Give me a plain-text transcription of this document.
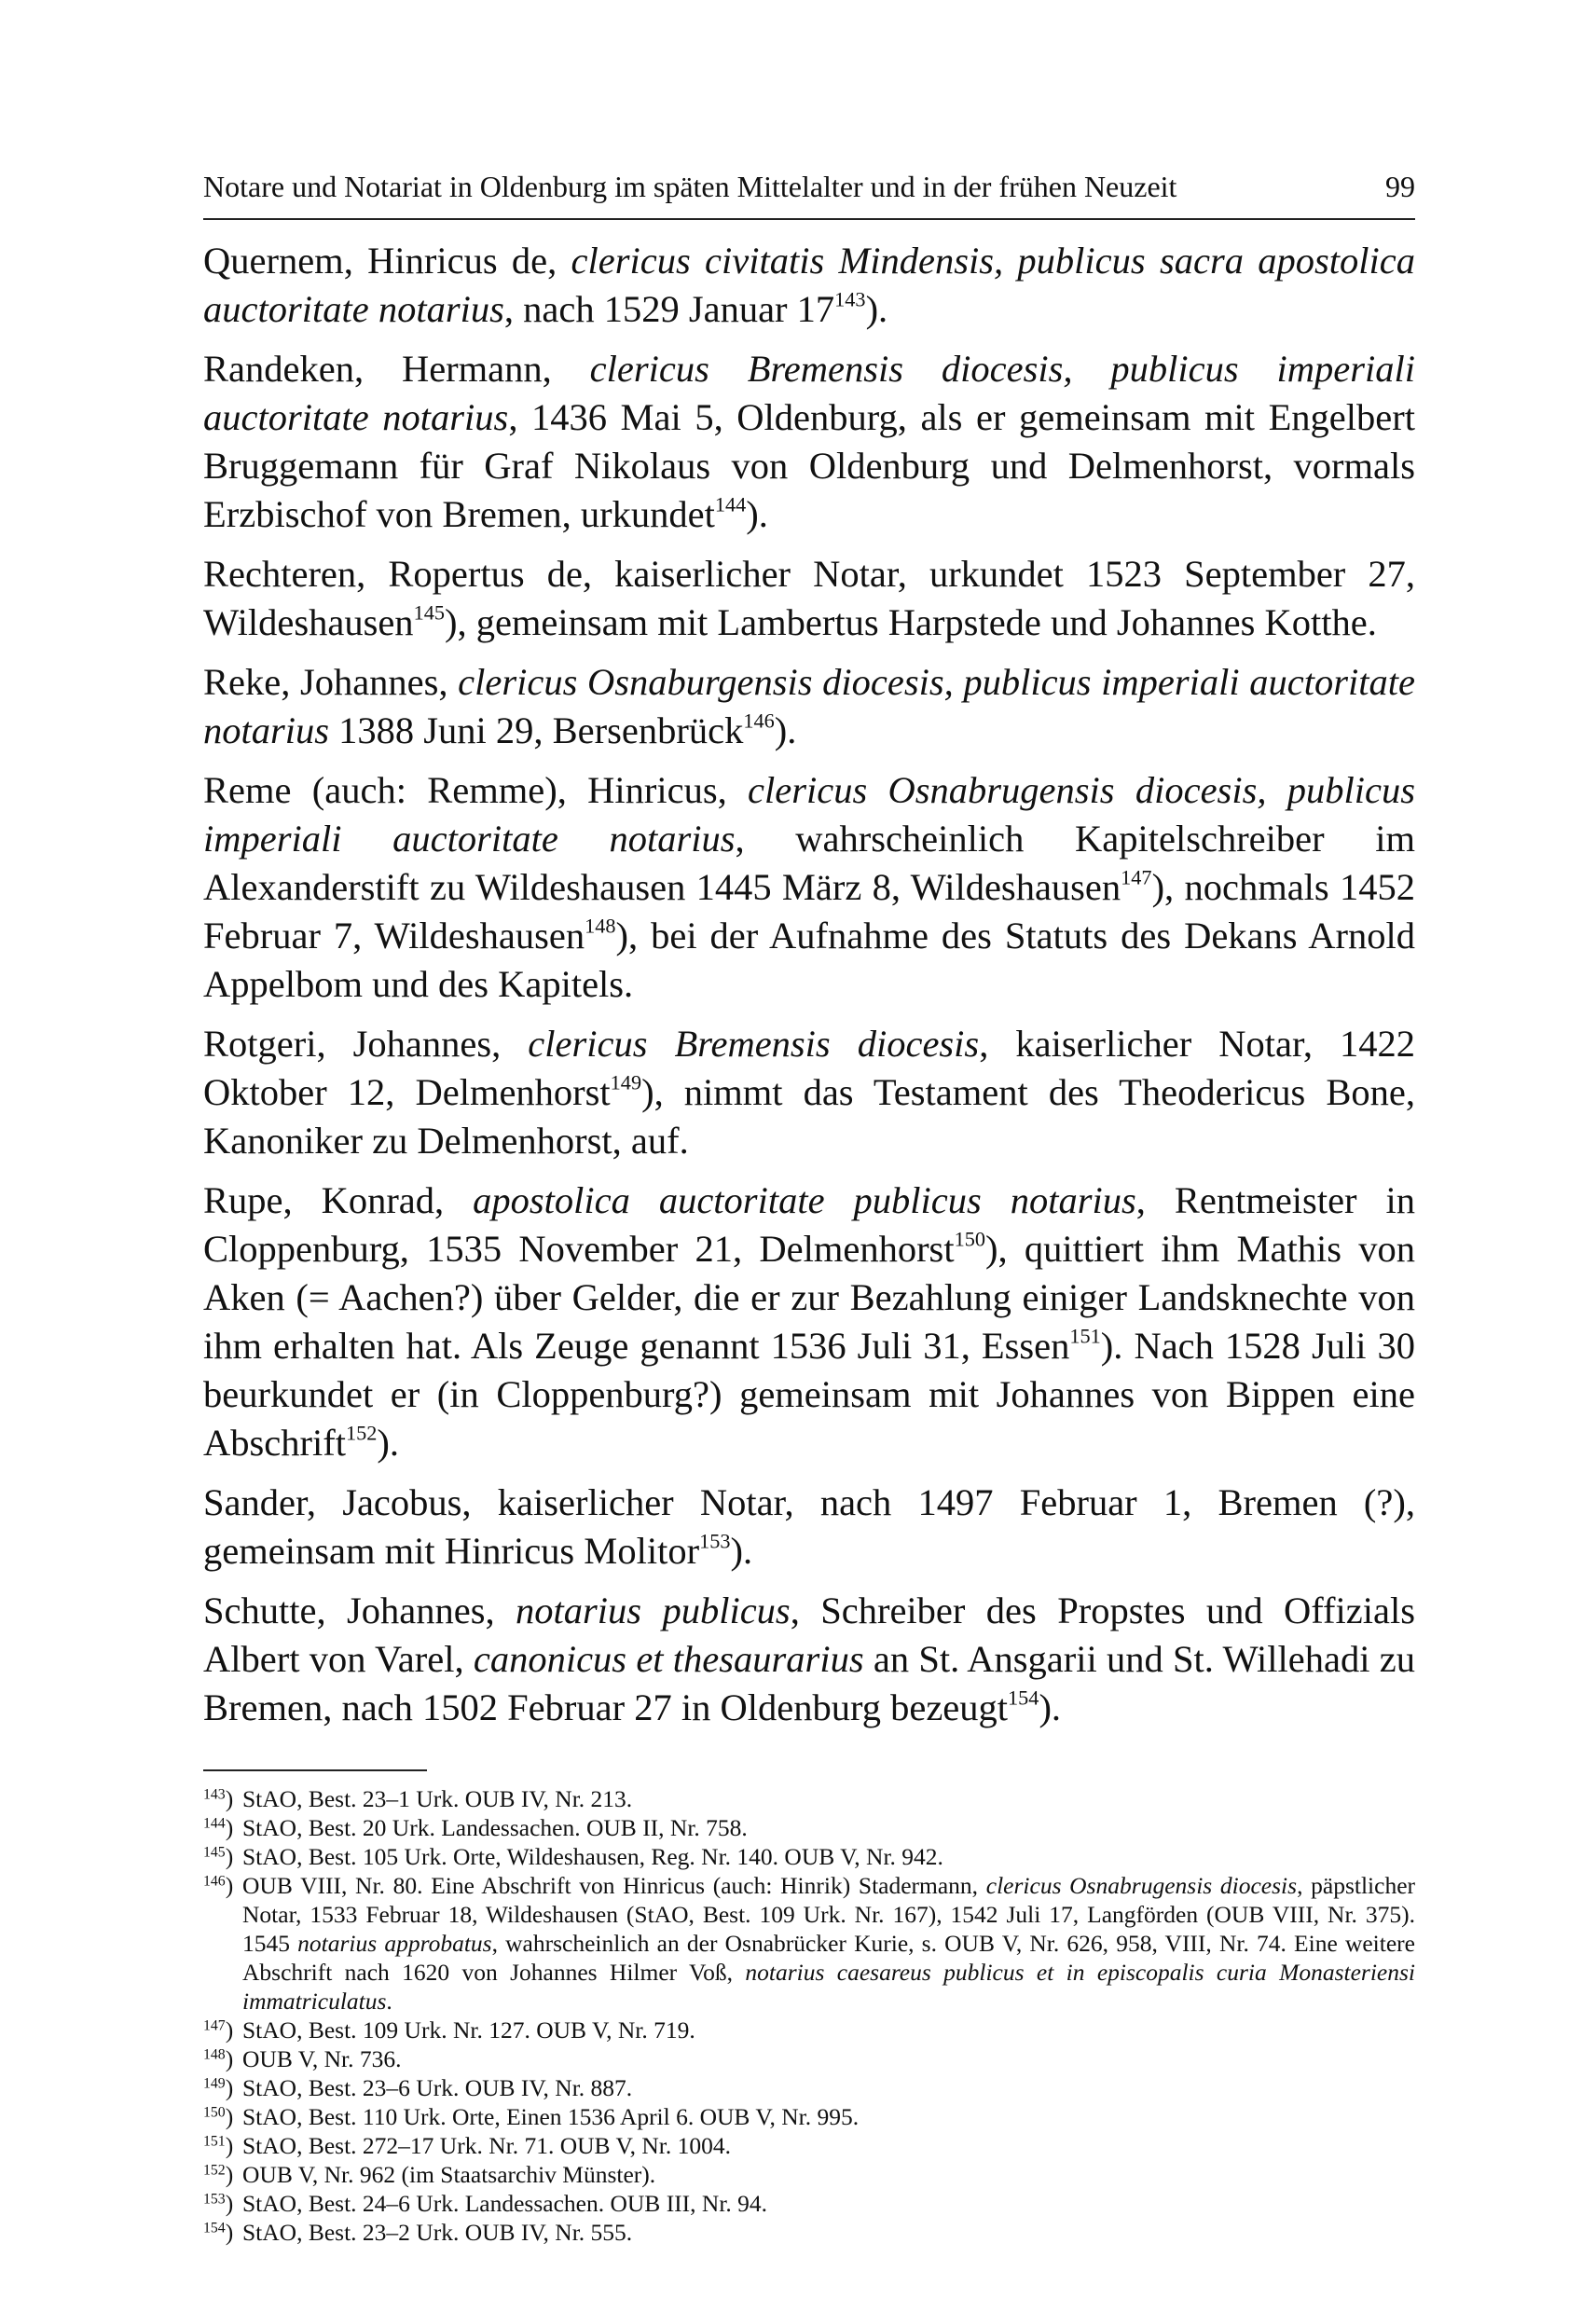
Notare und Notariat in Oldenburg im späten Mittelalter und in der frühen Neuzeit	99

Quernem, Hinricus de, clericus civitatis Mindensis, publicus sacra apostolica auctoritate notarius, nach 1529 Januar $17^{143}$).

Randeken, Hermann, clericus Bremensis diocesis, publicus imperiali auctoritate notarius, 1436 Mai 5, Oldenburg, als er gemeinsam mit Engelbert Bruggemann für Graf Nikolaus von Oldenburg und Delmenhorst, vormals Erzbischof von Bremen, urkundet$^{144}$).

Rechteren, Ropertus de, kaiserlicher Notar, urkundet 1523 September 27, Wildeshausen$^{145}$), gemeinsam mit Lambertus Harpstede und Johannes Kotthe.

Reke, Johannes, clericus Osnaburgensis diocesis, publicus imperiali auctoritate notarius 1388 Juni 29, Bersenbrück$^{146}$).

Reme (auch: Remme), Hinricus, clericus Osnabrugensis diocesis, publicus imperiali auctoritate notarius, wahrscheinlich Kapitelschreiber im Alexanderstift zu Wildeshausen 1445 März 8, Wildeshausen$^{147}$), nochmals 1452 Februar 7, Wildeshausen$^{148}$), bei der Aufnahme des Statuts des Dekans Arnold Appelbom und des Kapitels.

Rotgeri, Johannes, clericus Bremensis diocesis, kaiserlicher Notar, 1422 Oktober 12, Delmenhorst$^{149}$), nimmt das Testament des Theodericus Bone, Kanoniker zu Delmenhorst, auf.

Rupe, Konrad, apostolica auctoritate publicus notarius, Rentmeister in Cloppenburg, 1535 November 21, Delmenhorst$^{150}$), quittiert ihm Mathis von Aken (= Aachen?) über Gelder, die er zur Bezahlung einiger Landsknechte von ihm erhalten hat. Als Zeuge genannt 1536 Juli 31, Essen$^{151}$). Nach 1528 Juli 30 beurkundet er (in Cloppenburg?) gemeinsam mit Johannes von Bippen eine Abschrift$^{152}$).

Sander, Jacobus, kaiserlicher Notar, nach 1497 Februar 1, Bremen (?), gemeinsam mit Hinricus Molitor$^{153}$).

Schutte, Johannes, notarius publicus, Schreiber des Propstes und Offizials Albert von Varel, canonicus et thesaurarius an St. Ansgarii und St. Willehadi zu Bremen, nach 1502 Februar 27 in Oldenburg bezeugt$^{154}$).

$^{143}$) StAO, Best. 23–1 Urk. OUB IV, Nr. 213.
$^{144}$) StAO, Best. 20 Urk. Landessachen. OUB II, Nr. 758.
$^{145}$) StAO, Best. 105 Urk. Orte, Wildeshausen, Reg. Nr. 140. OUB V, Nr. 942.
$^{146}$) OUB VIII, Nr. 80. Eine Abschrift von Hinricus (auch: Hinrik) Stadermann, clericus Osnabrugensis diocesis, päpstlicher Notar, 1533 Februar 18, Wildeshausen (StAO, Best. 109 Urk. Nr. 167), 1542 Juli 17, Langförden (OUB VIII, Nr. 375). 1545 notarius approbatus, wahrscheinlich an der Osnabrücker Kurie, s. OUB V, Nr. 626, 958, VIII, Nr. 74. Eine weitere Abschrift nach 1620 von Johannes Hilmer Voß, notarius caesareus publicus et in episcopalis curia Monasteriensi immatriculatus.
$^{147}$) StAO, Best. 109 Urk. Nr. 127. OUB V, Nr. 719.
$^{148}$) OUB V, Nr. 736.
$^{149}$) StAO, Best. 23–6 Urk. OUB IV, Nr. 887.
$^{150}$) StAO, Best. 110 Urk. Orte, Einen 1536 April 6. OUB V, Nr. 995.
$^{151}$) StAO, Best. 272–17 Urk. Nr. 71. OUB V, Nr. 1004.
$^{152}$) OUB V, Nr. 962 (im Staatsarchiv Münster).
$^{153}$) StAO, Best. 24–6 Urk. Landessachen. OUB III, Nr. 94.
$^{154}$) StAO, Best. 23–2 Urk. OUB IV, Nr. 555.
